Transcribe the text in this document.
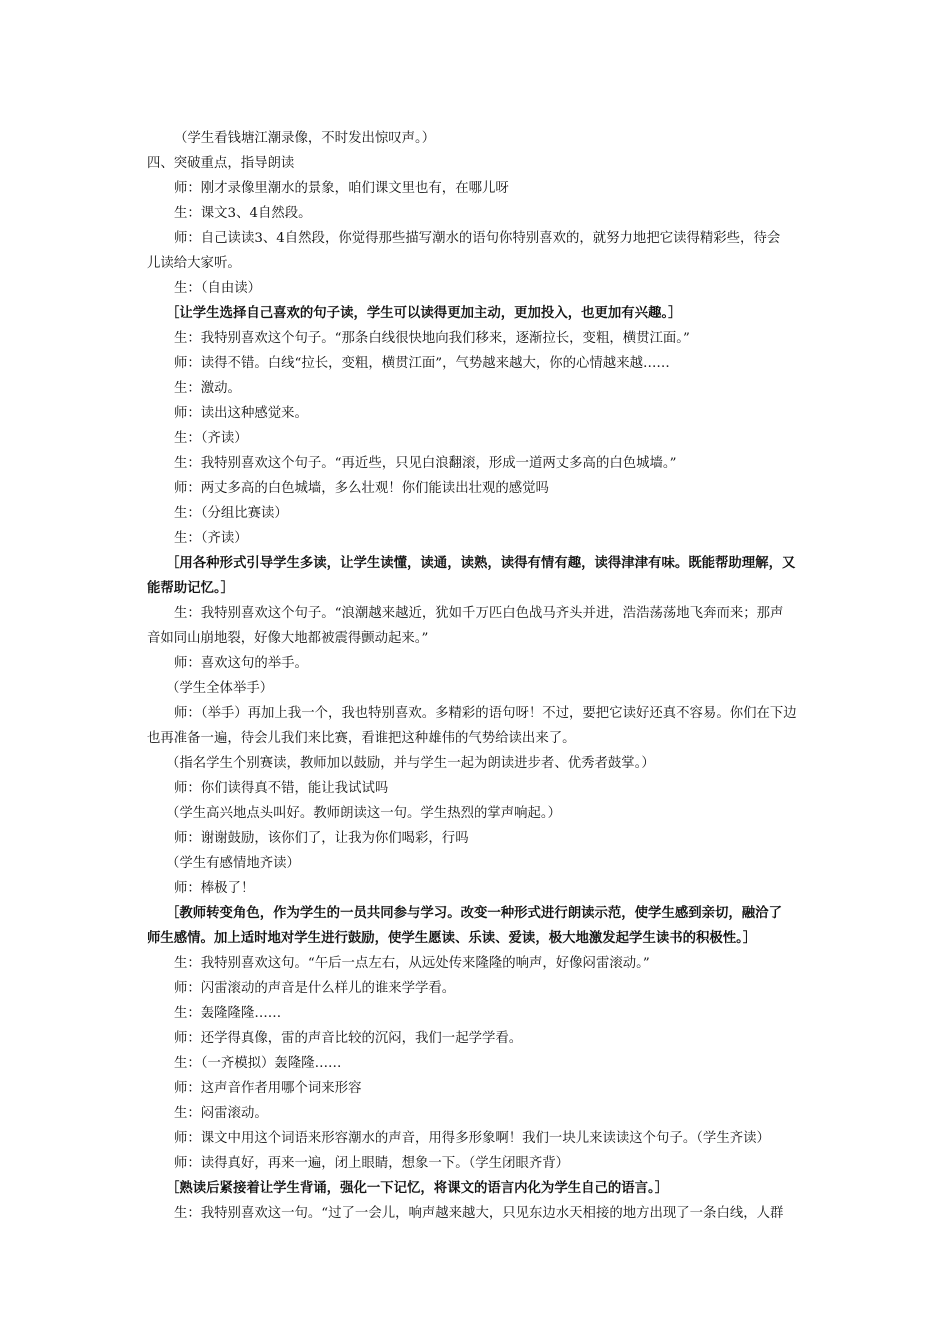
（学生看钱塘江潮录像，不时发出惊叹声。）
四、突破重点，指导朗读
师：刚才录像里潮水的景象，咱们课文里也有，在哪儿呀
生：课文3、4自然段。
师：自己读读3、4自然段，你觉得那些描写潮水的语句你特别喜欢的，就努力地把它读得精彩些，待会
儿读给大家听。
生：（自由读）
［让学生选择自己喜欢的句子读，学生可以读得更加主动，更加投入，也更加有兴趣。］
生：我特别喜欢这个句子。“那条白线很快地向我们移来，逐渐拉长，变粗，横贯江面。”
师：读得不错。白线“拉长，变粗，横贯江面”，气势越来越大，你的心情越来越……
生：激动。
师：读出这种感觉来。
生：（齐读）
生：我特别喜欢这个句子。“再近些，只见白浪翻滚，形成一道两丈多高的白色城墙。”
师：两丈多高的白色城墙，多么壮观！你们能读出壮观的感觉吗
生：（分组比赛读）
生：（齐读）
［用各种形式引导学生多读，让学生读懂，读通，读熟，读得有情有趣，读得津津有味。既能帮助理解，又
能帮助记忆。］
生：我特别喜欢这个句子。“浪潮越来越近，犹如千万匹白色战马齐头并进，浩浩荡荡地飞奔而来；那声
音如同山崩地裂，好像大地都被震得颤动起来。”
师：喜欢这句的举手。
（学生全体举手）
师：（举手）再加上我一个，我也特别喜欢。多精彩的语句呀！不过，要把它读好还真不容易。你们在下边
也再准备一遍，待会儿我们来比赛，看谁把这种雄伟的气势给读出来了。
（指名学生个别赛读，教师加以鼓励，并与学生一起为朗读进步者、优秀者鼓掌。）
师：你们读得真不错，能让我试试吗
（学生高兴地点头叫好。教师朗读这一句。学生热烈的掌声响起。）
师：谢谢鼓励，该你们了，让我为你们喝彩，行吗
（学生有感情地齐读）
师：棒极了！
［教师转变角色，作为学生的一员共同参与学习。改变一种形式进行朗读示范，使学生感到亲切，融洽了
师生感情。加上适时地对学生进行鼓励，使学生愿读、乐读、爱读，极大地激发起学生读书的积极性。］
生：我特别喜欢这句。“午后一点左右，从远处传来隆隆的响声，好像闷雷滚动。”
师：闪雷滚动的声音是什么样儿的谁来学学看。
生：轰隆隆隆……
师：还学得真像，雷的声音比较的沉闷，我们一起学学看。
生：（一齐模拟）轰隆隆……
师：这声音作者用哪个词来形容
生：闷雷滚动。
师：课文中用这个词语来形容潮水的声音，用得多形象啊！我们一块儿来读读这个句子。（学生齐读）
师：读得真好，再来一遍，闭上眼睛，想象一下。（学生闭眼齐背）
［熟读后紧接着让学生背诵，强化一下记忆，将课文的语言内化为学生自己的语言。］
生：我特别喜欢这一句。“过了一会儿，响声越来越大，只见东边水天相接的地方出现了一条白线，人群
